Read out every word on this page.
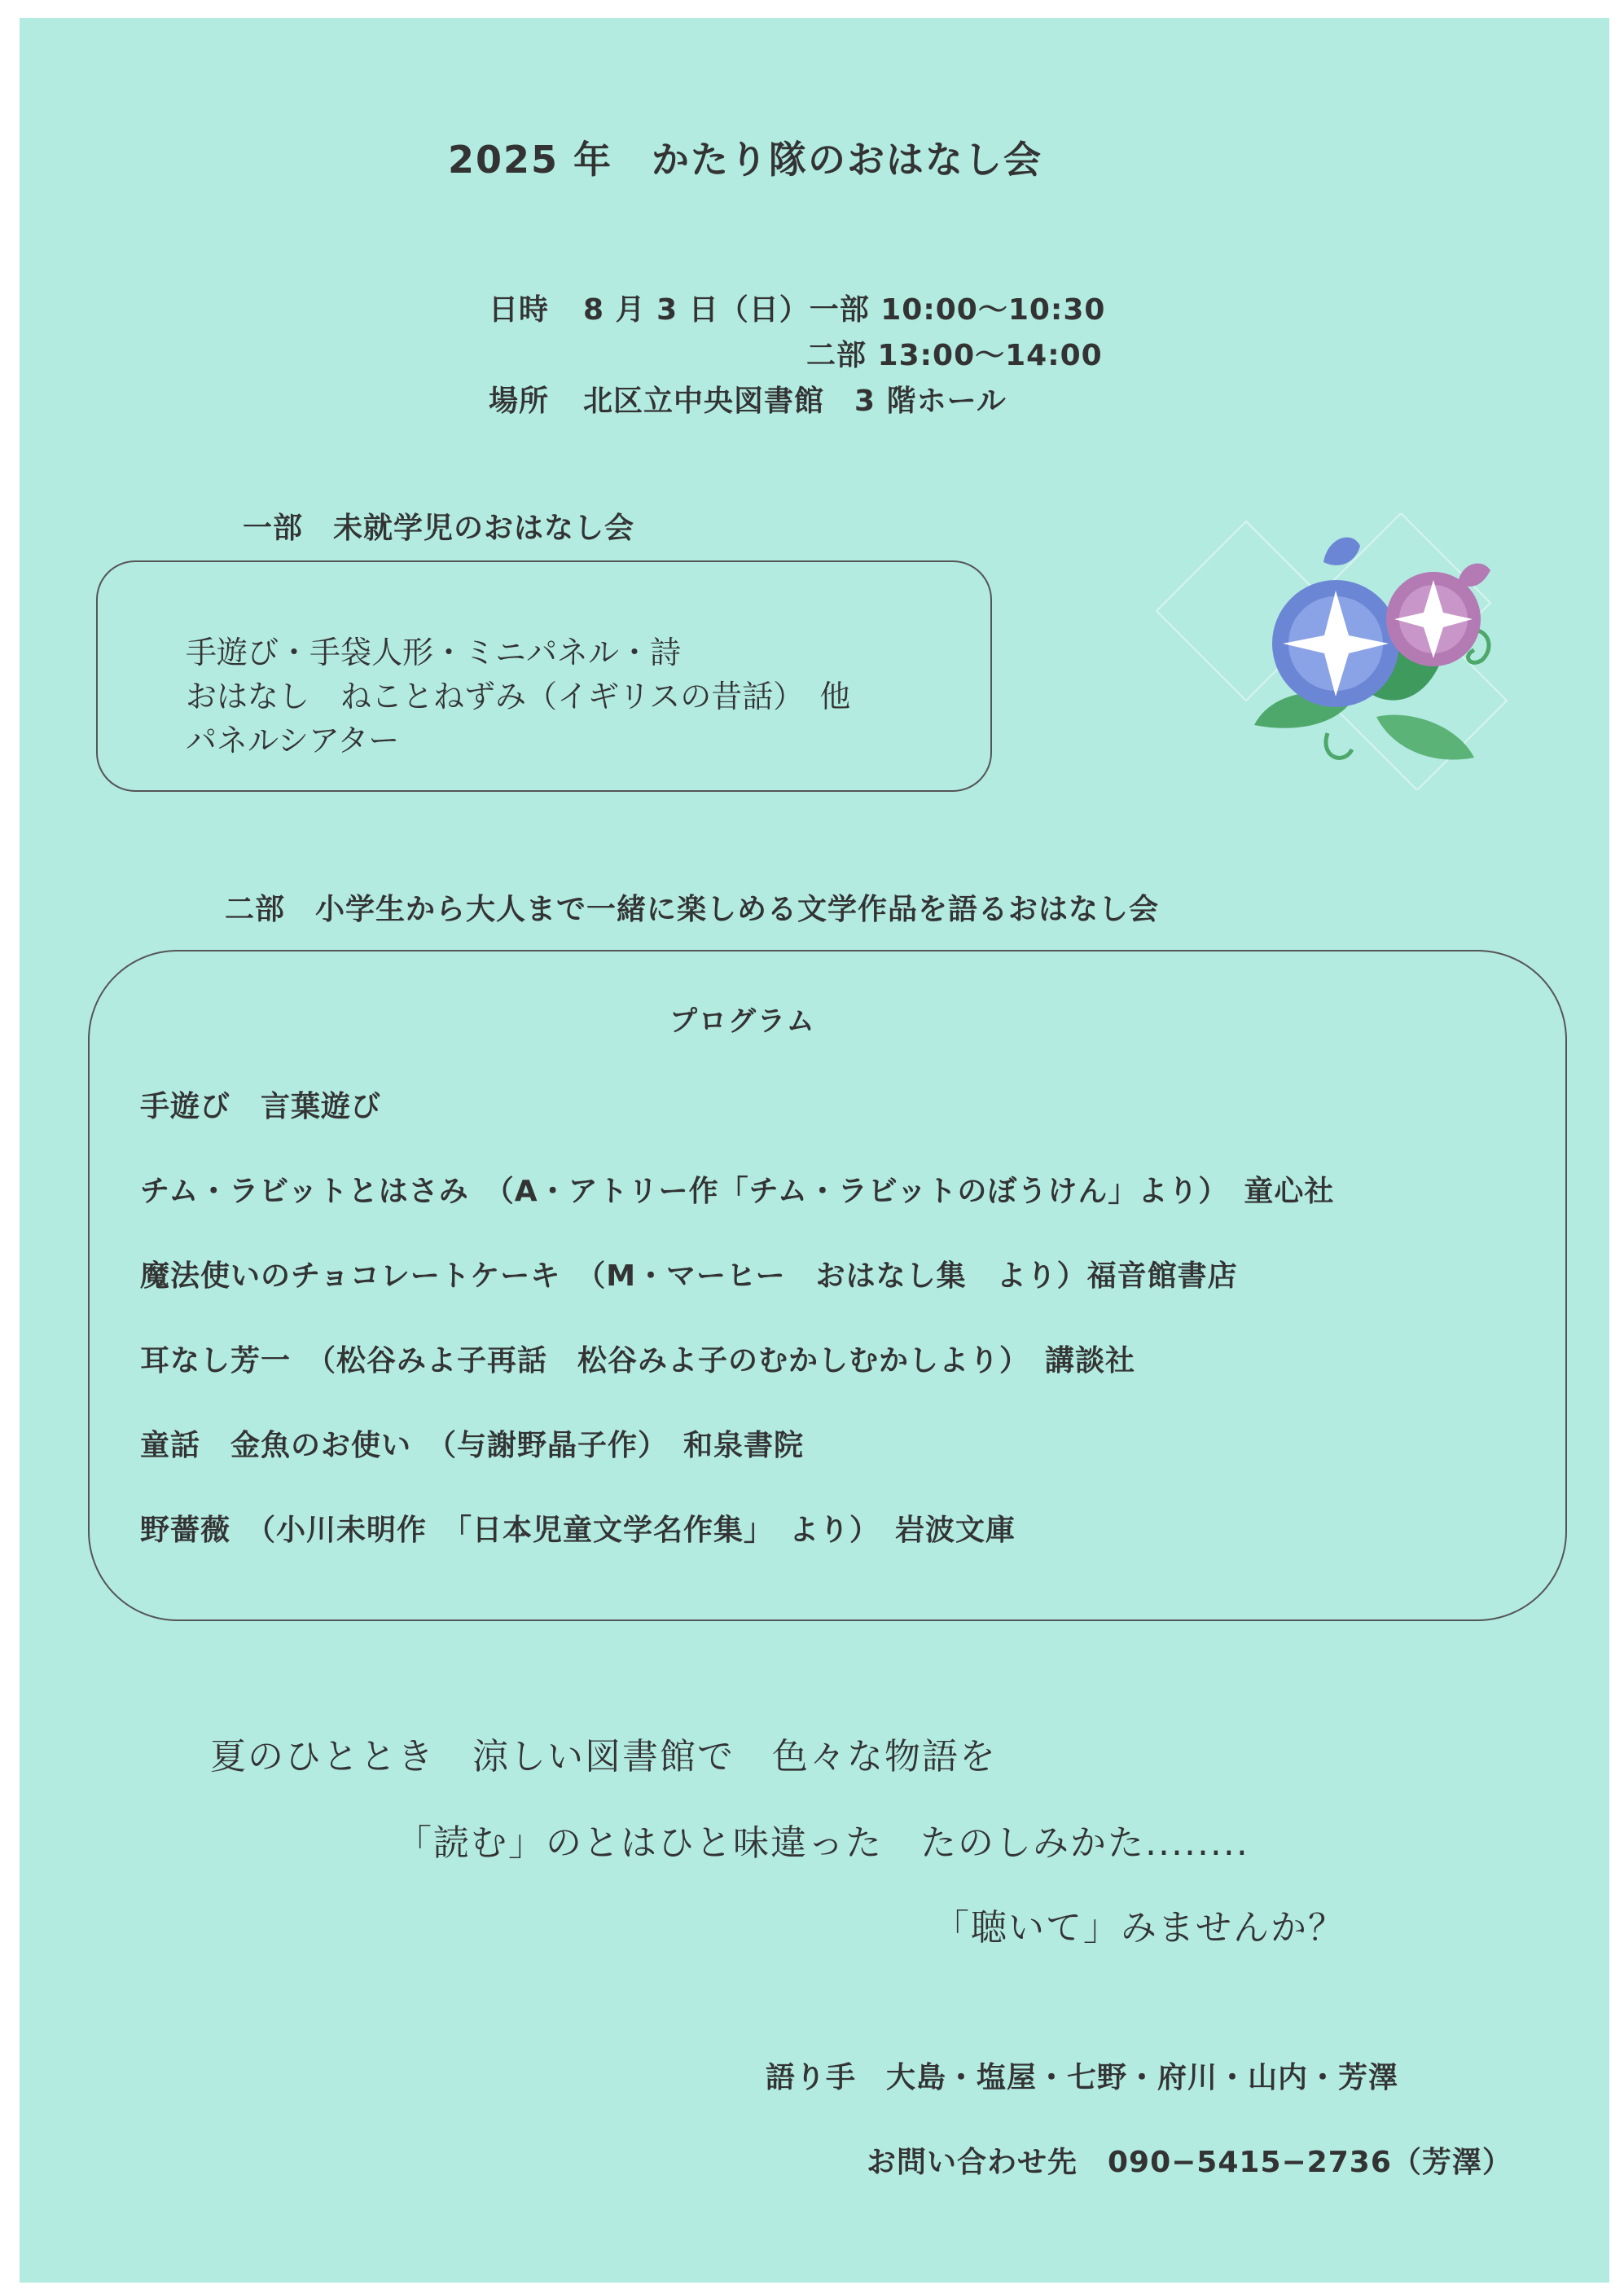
2025 年　かたり隊のおはなし会
日時 8 月 3 日（日）一部 10:00〜10:30
二部 13:00〜14:00
場所 北区立中央図書館　3 階ホール
一部　未就学児のおはなし会
手遊び・手袋人形・ミニパネル・詩
おはなし　ねことねずみ（イギリスの昔話）　他
パネルシアター
二部　小学生から大人まで一緒に楽しめる文学作品を語るおはなし会
プログラム
手遊び　言葉遊び
チム・ラビットとはさみ　（A・アトリー作「チム・ラビットのぼうけん」より）　童心社
魔法使いのチョコレートケーキ　（M・マーヒー　おはなし集　より）福音館書店
耳なし芳一　（松谷みよ子再話　松谷みよ子のむかしむかしより）　講談社
童話　金魚のお使い　（与謝野晶子作）　和泉書院
野薔薇　（小川未明作　「日本児童文学名作集」　より）　岩波文庫
夏のひととき　涼しい図書館で　色々な物語を
「読む」のとはひと味違った　たのしみかた........
「聴いて」みませんか？
語り手　大島・塩屋・七野・府川・山内・芳澤
お問い合わせ先　090−5415−2736（芳澤）
